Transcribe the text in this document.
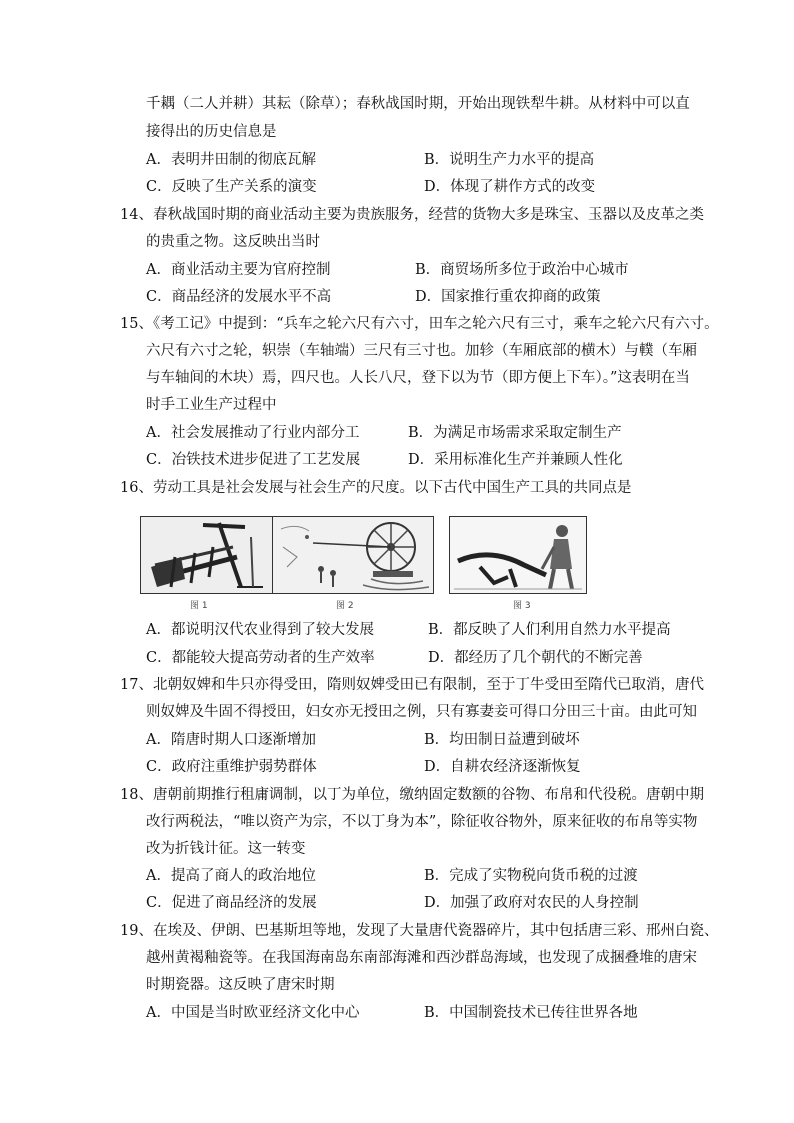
千耦（二人并耕）其耘（除草）；春秋战国时期，开始出现铁犁牛耕。从材料中可以直
接得出的历史信息是
A．表明井田制的彻底瓦解	B．说明生产力水平的提高
C．反映了生产关系的演变	D．体现了耕作方式的改变
14、春秋战国时期的商业活动主要为贵族服务，经营的货物大多是珠宝、玉器以及皮革之类
的贵重之物。这反映出当时
A．商业活动主要为官府控制	B．商贸场所多位于政治中心城市
C．商品经济的发展水平不高	D．国家推行重农抑商的政策
15、《考工记》中提到：“兵车之轮六尺有六寸，田车之轮六尺有三寸，乘车之轮六尺有六寸。
六尺有六寸之轮，轵崇（车轴端）三尺有三寸也。加轸（车厢底部的横木）与轐（车厢
与车轴间的木块）焉，四尺也。人长八尺，登下以为节（即方便上下车）。”这表明在当
时手工业生产过程中
A．社会发展推动了行业内部分工	B．为满足市场需求采取定制生产
C．冶铁技术进步促进了工艺发展	D．采用标准化生产并兼顾人性化
16、劳动工具是社会发展与社会生产的尺度。以下古代中国生产工具的共同点是
图 1	图 2	图 3
A．都说明汉代农业得到了较大发展	B．都反映了人们利用自然力水平提高
C．都能较大提高劳动者的生产效率	D．都经历了几个朝代的不断完善
17、北朝奴婢和牛只亦得受田，隋则奴婢受田已有限制，至于丁牛受田至隋代已取消，唐代
则奴婢及牛固不得授田，妇女亦无授田之例，只有寡妻妾可得口分田三十亩。由此可知
A．隋唐时期人口逐渐增加	B．均田制日益遭到破坏
C．政府注重维护弱势群体	D．自耕农经济逐渐恢复
18、唐朝前期推行租庸调制，以丁为单位，缴纳固定数额的谷物、布帛和代役税。唐朝中期
改行两税法，“唯以资产为宗，不以丁身为本”，除征收谷物外，原来征收的布帛等实物
改为折钱计征。这一转变
A．提高了商人的政治地位	B．完成了实物税向货币税的过渡
C．促进了商品经济的发展	D．加强了政府对农民的人身控制
19、在埃及、伊朗、巴基斯坦等地，发现了大量唐代瓷器碎片，其中包括唐三彩、邢州白瓷、
越州黄褐釉瓷等。在我国海南岛东南部海滩和西沙群岛海域，也发现了成捆叠堆的唐宋
时期瓷器。这反映了唐宋时期
A．中国是当时欧亚经济文化中心	B．中国制瓷技术已传往世界各地
